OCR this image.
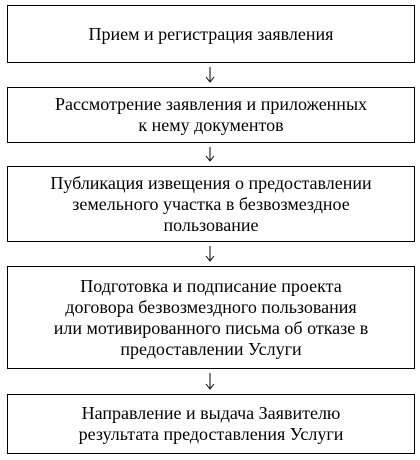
Прием и регистрация заявления
Рассмотрение заявления и приложенных
к нему документов
Публикация извещения о предоставлении
земельного участка в безвозмездное
пользование
Подготовка и подписание проекта
договора безвозмездного пользования
или мотивированного письма об отказе в
предоставлении Услуги
Направление и выдача Заявителю
результата предоставления Услуги
